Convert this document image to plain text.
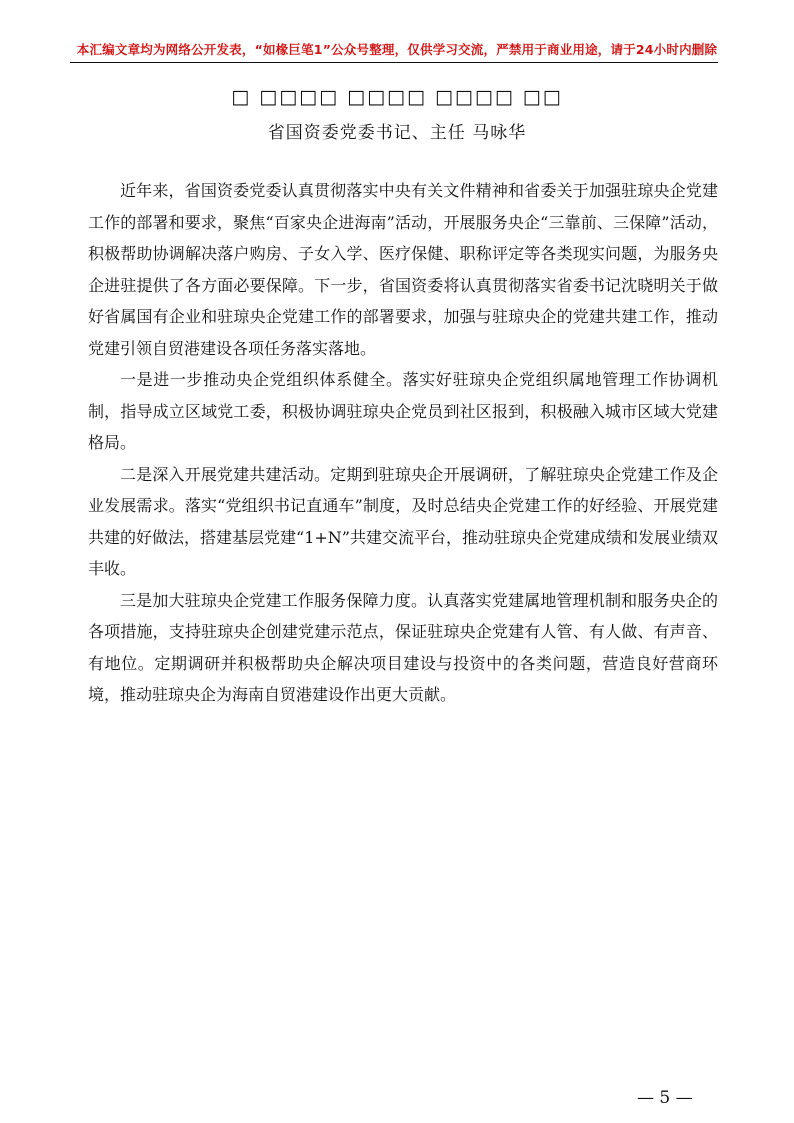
本汇编文章均为网络公开发表，“如椽巨笔1”公众号整理，仅供学习交流，严禁用于商业用途，请于24小时内删除
□ □□□□ □□□□ □□□□ □□
省国资委党委书记、主任 马咏华

近年来，省国资委党委认真贯彻落实中央有关文件精神和省委关于加强驻琼央企党建工作的部署和要求，聚焦“百家央企进海南”活动，开展服务央企“三靠前、三保障”活动，积极帮助协调解决落户购房、子女入学、医疗保健、职称评定等各类现实问题，为服务央企进驻提供了各方面必要保障。下一步，省国资委将认真贯彻落实省委书记沈晓明关于做好省属国有企业和驻琼央企党建工作的部署要求，加强与驻琼央企的党建共建工作，推动党建引领自贸港建设各项任务落实落地。

一是进一步推动央企党组织体系健全。落实好驻琼央企党组织属地管理工作协调机制，指导成立区域党工委，积极协调驻琼央企党员到社区报到，积极融入城市区域大党建格局。

二是深入开展党建共建活动。定期到驻琼央企开展调研，了解驻琼央企党建工作及企业发展需求。落实“党组织书记直通车”制度，及时总结央企党建工作的好经验、开展党建共建的好做法，搭建基层党建“1+N”共建交流平台，推动驻琼央企党建成绩和发展业绩双丰收。

三是加大驻琼央企党建工作服务保障力度。认真落实党建属地管理机制和服务央企的各项措施，支持驻琼央企创建党建示范点，保证驻琼央企党建有人管、有人做、有声音、有地位。定期调研并积极帮助央企解决项目建设与投资中的各类问题，营造良好营商环境，推动驻琼央企为海南自贸港建设作出更大贡献。

— 5 —
